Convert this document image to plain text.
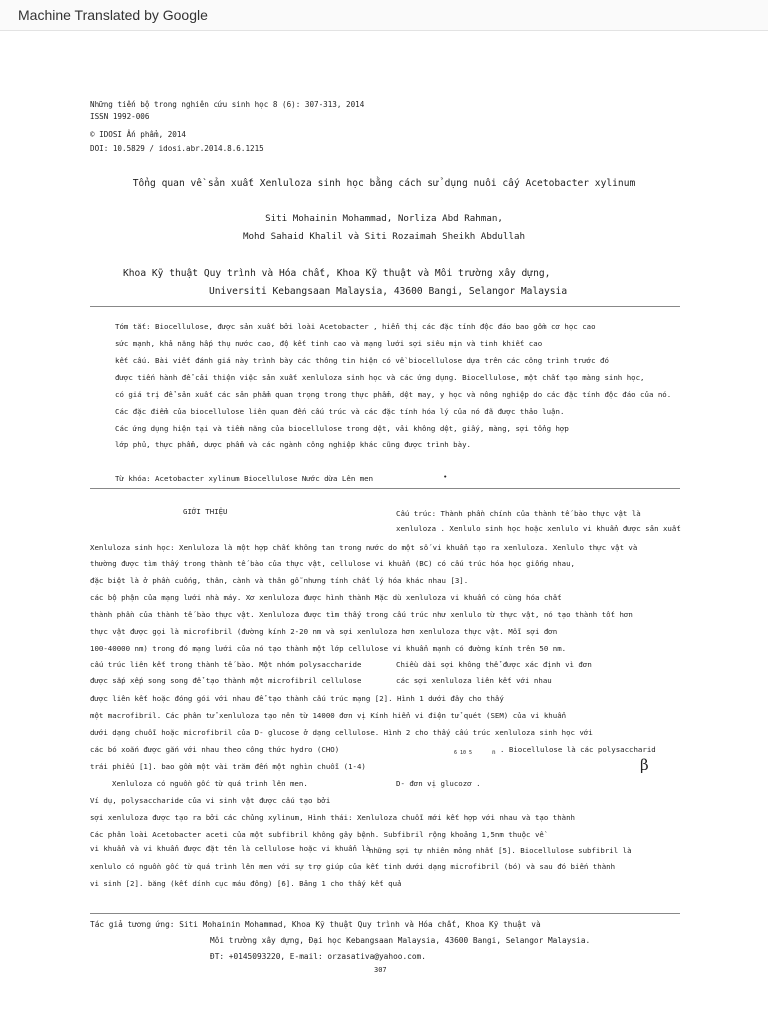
Machine Translated by Google
Những tiến bộ trong nghiên cứu sinh học 8 (6): 307-313, 2014
ISSN 1992-006
© IDOSI Ấn phẩm, 2014
DOI: 10.5829 / idosi.abr.2014.8.6.1215
Tổng quan về sản xuất Xenluloza sinh học bằng cách sử dụng nuôi cấy Acetobacter xylinum
Siti Mohainin Mohammad, Norliza Abd Rahman,
Mohd Sahaid Khalil và Siti Rozaimah Sheikh Abdullah
Khoa Kỹ thuật Quy trình và Hóa chất, Khoa Kỹ thuật và Môi trường xây dựng,
Universiti Kebangsaan Malaysia, 43600 Bangi, Selangor Malaysia
Tóm tắt: Biocellulose, được sản xuất bởi loài Acetobacter , hiển thị các đặc tính độc đáo bao gồm cơ học cao
sức mạnh, khả năng hấp thụ nước cao, độ kết tinh cao và mạng lưới sợi siêu mịn và tinh khiết cao
kết cấu. Bài viết đánh giá này trình bày các thông tin hiện có về biocellulose dựa trên các công trình trước đó
được tiến hành để cải thiện việc sản xuất xenluloza sinh học và các ứng dụng. Biocellulose, một chất tạo màng sinh học,
có giá trị để sản xuất các sản phẩm quan trọng trong thực phẩm, dệt may, y học và nông nghiệp do các đặc tính độc đáo của nó.
Các đặc điểm của biocellulose liên quan đến cấu trúc và các đặc tính hóa lý của nó đã được thảo luận.
Các ứng dụng hiện tại và tiềm năng của biocellulose trong dệt, vải không dệt, giấy, màng, sợi tổng hợp
lớp phủ, thực phẩm, dược phẩm và các ngành công nghiệp khác cũng được trình bày.
Từ khóa: Acetobacter xylinum Biocellulose Nước dừa Lên men	•
GIỚI THIỆU	Cấu trúc: Thành phần chính của thành tế bào thực vật là
xenluloza . Xenlulo sinh học hoặc xenlulo vi khuẩn được sản xuất
Xenluloza sinh học: Xenluloza là một hợp chất không tan trong nước do một số vi khuẩn tạo ra xenluloza. Xenlulo thực vật và
thường được tìm thấy trong thành tế bào của thực vật, cellulose vi khuẩn (BC) có cấu trúc hóa học giống nhau,
đặc biệt là ở phần cuống, thân, cành và thân gỗ nhưng tính chất lý hóa khác nhau [3].
các bộ phận của mạng lưới nhà máy. Xơ xenluloza được hình thành Mặc dù xenluloza vi khuẩn có cùng hóa chất
thành phần của thành tế bào thực vật. Xenluloza được tìm thấy trong cấu trúc như xenlulo từ thực vật, nó tạo thành tốt hơn
thực vật được gọi là microfibril (đường kính 2-20 nm và sợi xenluloza hơn xenluloza thực vật. Mỗi sợi đơn
100-40000 nm) trong đó mạng lưới của nó tạo thành một lớp cellulose vi khuẩn mạnh có đường kính trên 50 nm.
cấu trúc liên kết trong thành tế bào. Một nhóm polysaccharide	Chiều dài sợi không thể được xác định vì đơn
được sắp xếp song song để tạo thành một microfibril cellulose	các sợi xenluloza liên kết với nhau
được liên kết hoặc đóng gói với nhau để tạo thành cấu trúc mạng [2]. Hình 1 dưới đây cho thấy
một macrofibril. Các phân tử xenluloza tạo nên từ 14000 đơn vị Kính hiển vi điện tử quét (SEM) của vi khuẩn
dưới dạng chuỗi hoặc microfibril của D- glucose ở dạng cellulose. Hình 2 cho thấy cấu trúc xenluloza sinh học với
các bó xoắn được gắn với nhau theo công thức hydro (CHO)	6 10 5	n . Biocellulose là các polysaccharid
trái phiếu [1]. bao gồm một vài trăm đến một nghìn chuỗi (1-4)	β
Xenluloza có nguồn gốc từ quá trình lên men.	D- đơn vị glucozơ .
Ví dụ, polysaccharide của vi sinh vật được cấu tạo bởi
sợi xenluloza được tạo ra bởi các chủng xylinum, Hình thái: Xenluloza chuỗi mới kết hợp với nhau và tạo thành
Các phân loài Acetobacter aceti của một subfibril không gây bệnh. Subfibril rộng khoảng 1,5nm thuộc về
vi khuẩn và vi khuẩn được đặt tên là cellulose hoặc vi khuẩn là
những sợi tự nhiên mỏng nhất [5]. Biocellulose subfibril là
xenlulo có nguồn gốc từ quá trình lên men với sự trợ giúp của kết tinh dưới dạng microfibril (bó) và sau đó biến thành
vi sinh [2]. băng (kết dính cục máu đông) [6]. Bảng 1 cho thấy kết quả
Tác giả tương ứng: Siti Mohainin Mohammad, Khoa Kỹ thuật Quy trình và Hóa chất, Khoa Kỹ thuật và
Môi trường xây dựng, Đại học Kebangsaan Malaysia, 43600 Bangi, Selangor Malaysia.
ĐT: +0145093220, E-mail: orzasativa@yahoo.com.
307
